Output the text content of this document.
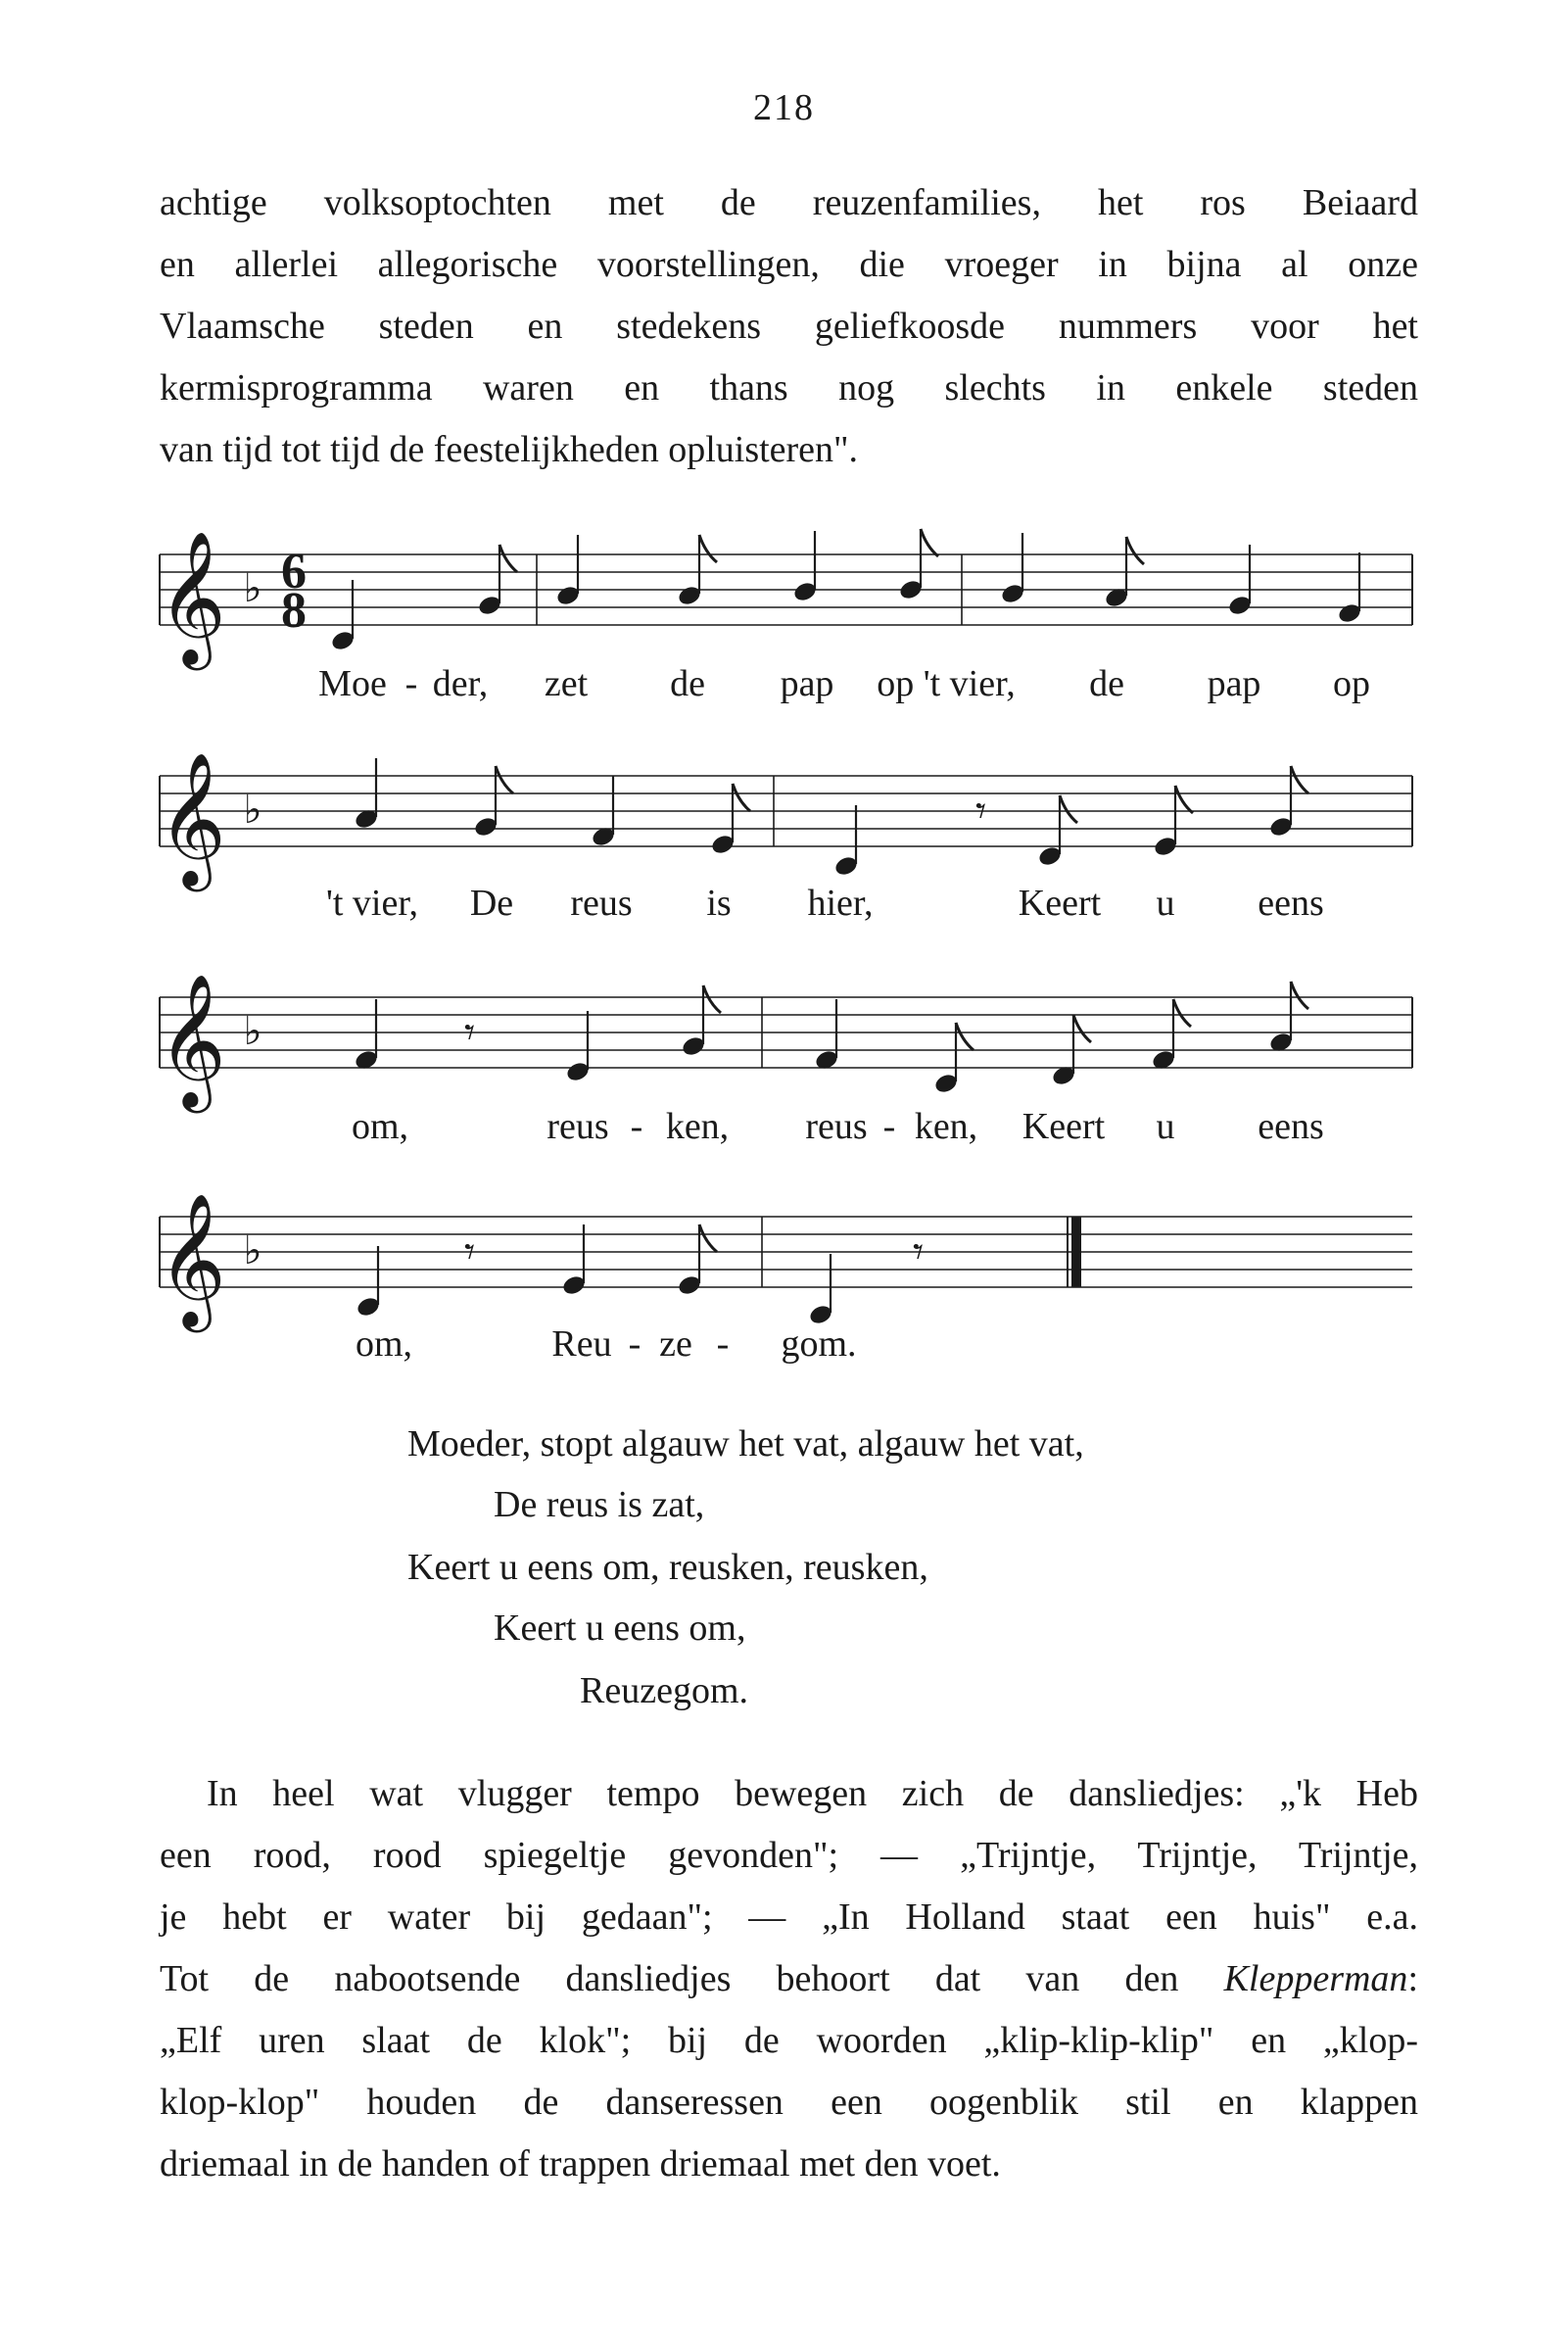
218
achtige volksoptochten met de reuzenfamilies, het ros Beiaard
en allerlei allegorische voorstellingen, die vroeger in bijna al onze
Vlaamsche steden en stedekens geliefkoosde nummers voor het
kermisprogramma waren en thans nog slechts in enkele steden
van tijd tot tijd de feestelijkheden opluisteren".
𝄞 ♭
𝄞 ♭
𝄞 ♭
𝄞 ♭
𝄾
𝄾
𝄾	𝄾
6
8
Moe - der, zet de pap op 't vier, de pap op
't vier, De reus is hier,	Keert u eens
om,	reus - ken, reus - ken, Keert u eens
om,	Reu - ze - gom.
Moeder, stopt algauw het vat, algauw het vat,
De reus is zat,
Keert u eens om, reusken, reusken,
Keert u eens om,
Reuzegom.
In heel wat vlugger tempo bewegen zich de dansliedjes: „'k Heb
een rood, rood spiegeltje gevonden"; — „Trijntje, Trijntje, Trijntje,
je hebt er water bij gedaan"; — „In Holland staat een huis" e.a.
Tot de nabootsende dansliedjes behoort dat van den Klepperman:
„Elf uren slaat de klok"; bij de woorden „klip-klip-klip" en „klop-
klop-klop" houden de danseressen een oogenblik stil en klappen
driemaal in de handen of trappen driemaal met den voet.
